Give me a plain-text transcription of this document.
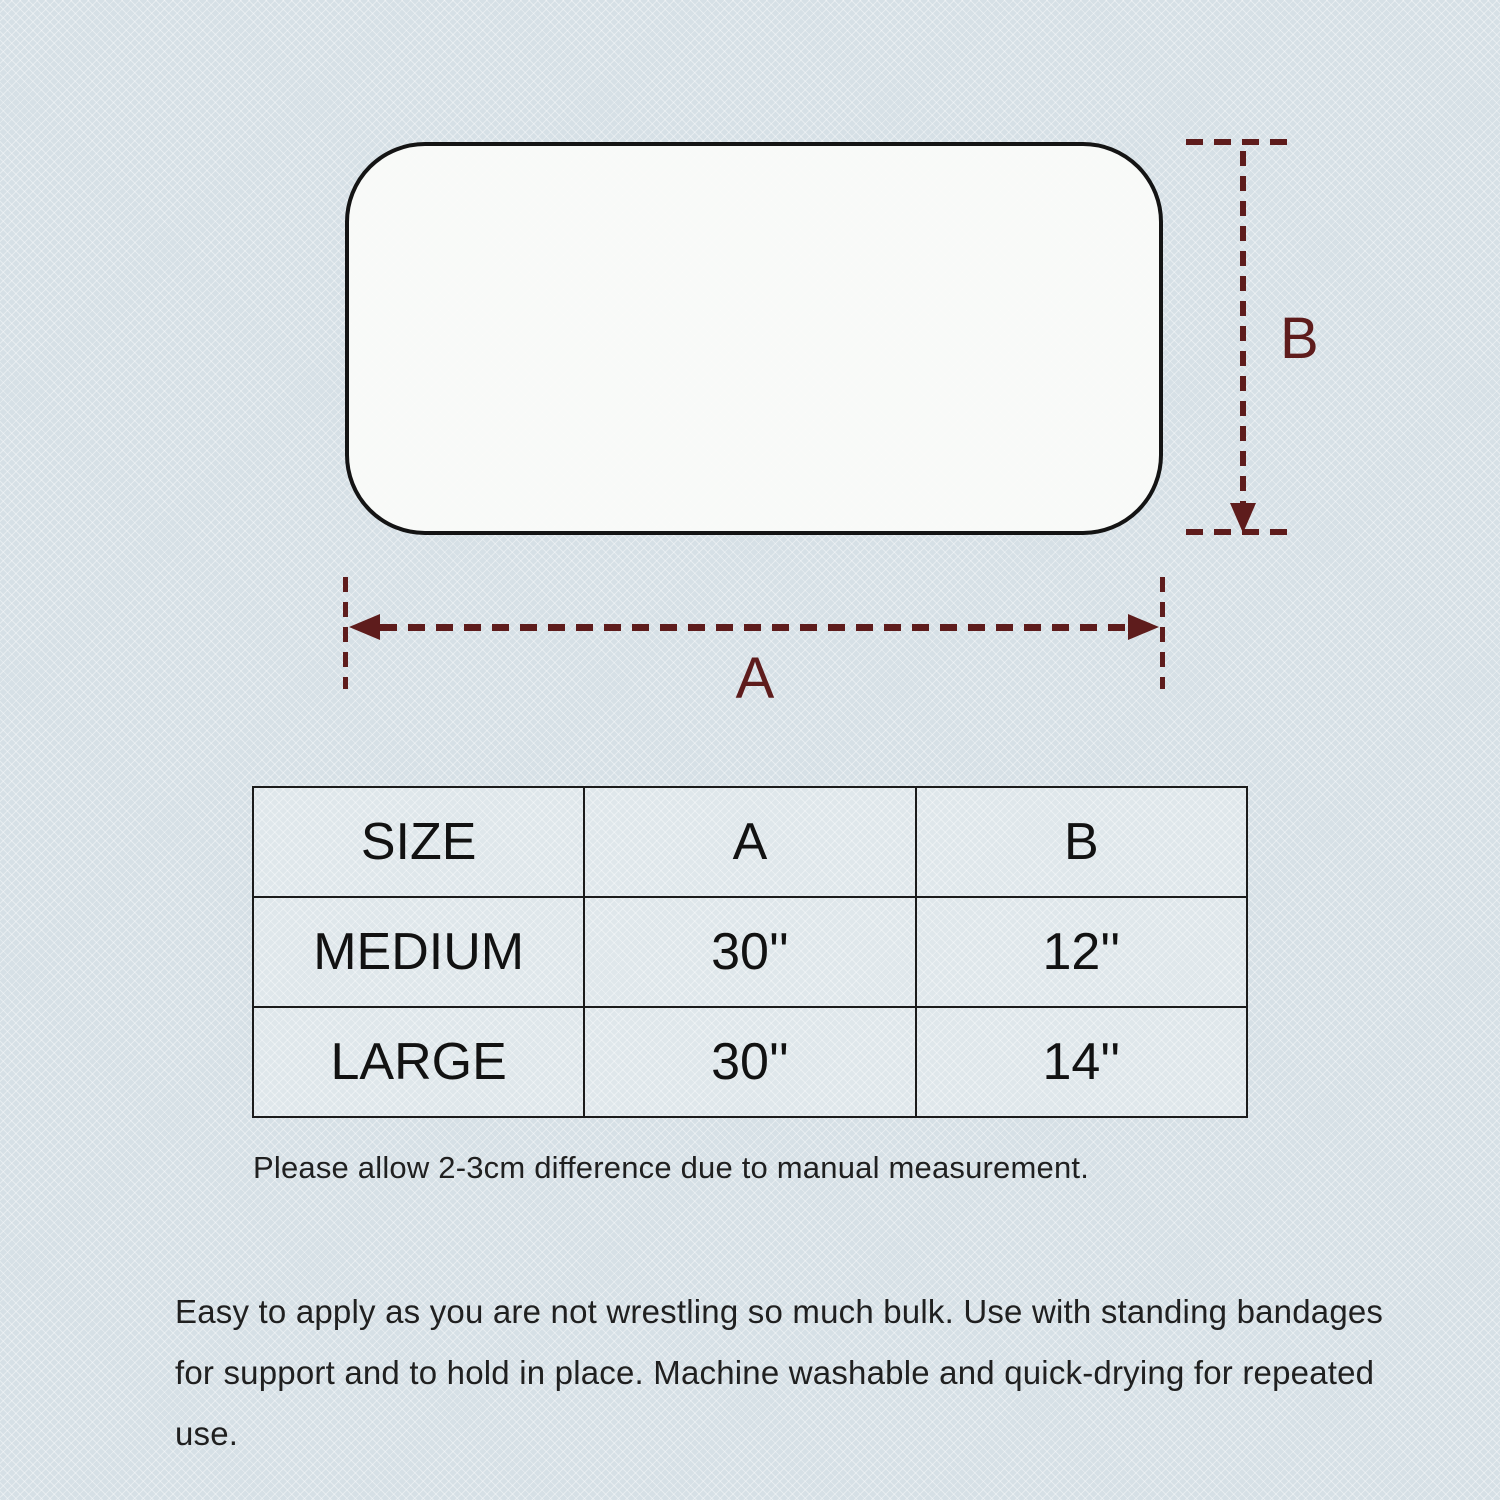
B
A
SIZE	A	B
MEDIUM	30''	12''
LARGE	30''	14''
Please allow 2-3cm difference due to manual measurement.
Easy to apply as you are not wrestling so much bulk. Use with standing bandages for support and to hold in place. Machine washable and quick-drying for repeated use.
